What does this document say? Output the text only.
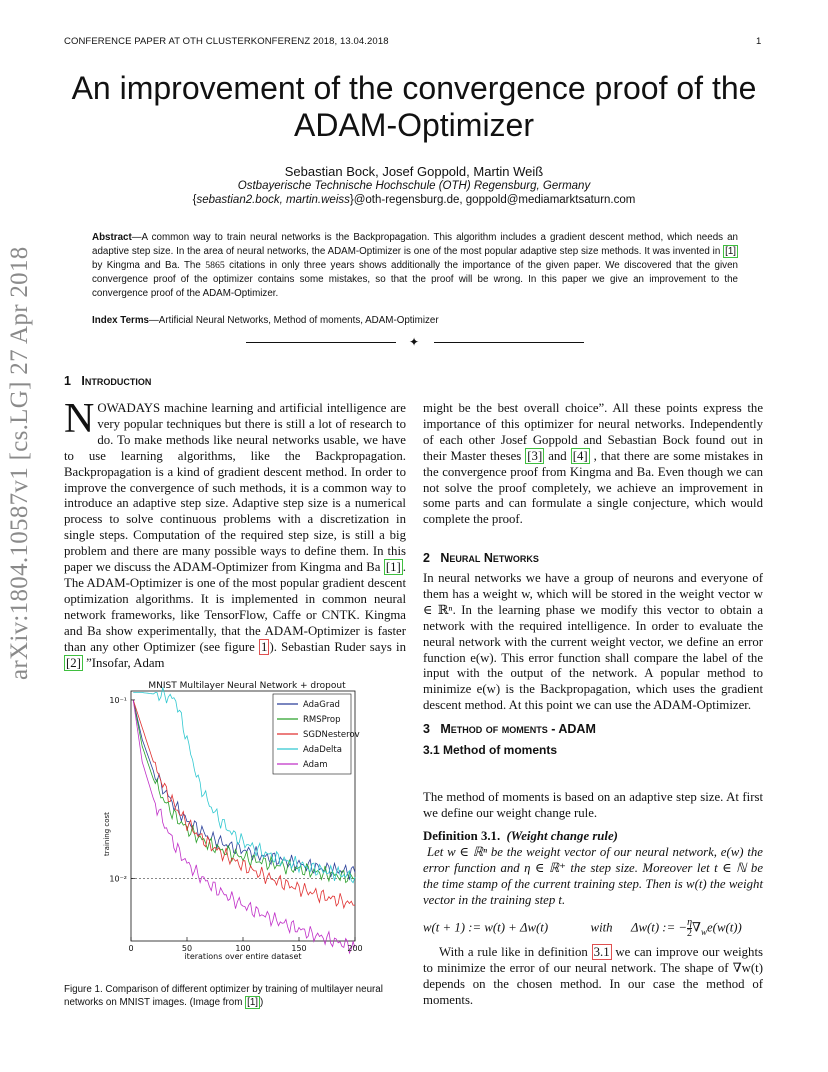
CONFERENCE PAPER AT OTH CLUSTERKONFERENZ 2018, 13.04.2018	1
arXiv:1804.10587v1 [cs.LG] 27 Apr 2018
An improvement of the convergence proof of the
ADAM-Optimizer
Sebastian Bock, Josef Goppold, Martin Weiß
Ostbayerische Technische Hochschule (OTH) Regensburg, Germany
{sebastian2.bock, martin.weiss}@oth-regensburg.de, goppold@mediamarktsaturn.com
Abstract—A common way to train neural networks is the Backpropagation. This algorithm includes a gradient descent method, which needs an adaptive step size. In the area of neural networks, the ADAM-Optimizer is one of the most popular adaptive step size methods. It was invented in [1] by Kingma and Ba. The 5865 citations in only three years shows additionally the importance of the given paper. We discovered that the given convergence proof of the optimizer contains some mistakes, so that the proof will be wrong. In this paper we give an improvement to the convergence proof of the ADAM-Optimizer.
Index Terms—Artificial Neural Networks, Method of moments, ADAM-Optimizer
✦
1 Introduction
NOWADAYS machine learning and artificial intelligence are very popular techniques but there is still a lot of research to do. To make methods like neural networks usable, we have to use learning algorithms, like the Backpropagation. Backpropagation is a kind of gradient descent method. In order to improve the convergence of such methods, it is a common way to introduce an adaptive step size. Adaptive step size is a numerical process to solve continuous problems with a discretization in single steps. Computation of the required step size, is still a big problem and there are many possible ways to define them. In this paper we discuss the ADAM-Optimizer from Kingma and Ba [1] . The ADAM-Optimizer is one of the most popular gradient descent optimization algorithms. It is implemented in common neural network frameworks, like TensorFlow, Caffe or CNTK. Kingma and Ba show experimentally, that the ADAM-Optimizer is faster than any other Optimizer (see figure 1 ). Sebastian Ruder says in [2] ”Insofar, Adam
might be the best overall choice”. All these points express the importance of this optimizer for neural networks. Independently of each other Josef Goppold and Sebastian Bock found out in their Master theses [3] and [4] , that there are some mistakes in the convergence proof from Kingma and Ba. Even though we can not solve the proof completely, we achieve an improvement in some parts and can formulate a single conjecture, which would complete the proof.
2 Neural Networks
In neural networks we have a group of neurons and everyone of them has a weight w, which will be stored in the weight vector w ∈ ℝⁿ. In the learning phase we modify this vector to obtain a network with the required intelligence. In order to evaluate the neural network with the current weight vector, we define an error function e(w). This error function shall compare the label of the input with the output of the network. A popular method to minimize e(w) is the Backpropagation, which uses the gradient descent method. At this point we can use the ADAM-Optimizer.
3 Method of moments - ADAM
3.1 Method of moments
The method of moments is based on an adaptive step size. At first we define our weight change rule.
Definition 3.1. (Weight change rule)
Let w ∈ ℝⁿ be the weight vector of our neural network, e(w) the error function and η ∈ ℝ⁺ the step size. Moreover let t ∈ ℕ be the time stamp of the current training step. Then is w(t) the weight vector in the training step t.
w(t + 1) := w(t) + Δw(t)	with Δw(t) := − $\frac{\eta}{2} \nabla_we(w(t))$
With a rule like in definition 3.1 we can improve our weights to minimize the error of our neural network. The shape of ∇w(t) depends on the chosen method. In our case the method of moments.
MNIST Multilayer Neural Network + dropout
0	50	100	150	200
10⁻¹
10⁻²
training cost
iterations over entire dataset
AdaGrad
RMSProp
SGDNesterov
AdaDelta
Adam
Figure 1. Comparison of different optimizer by training of multilayer neural networks on MNIST images. (Image from [1] )
